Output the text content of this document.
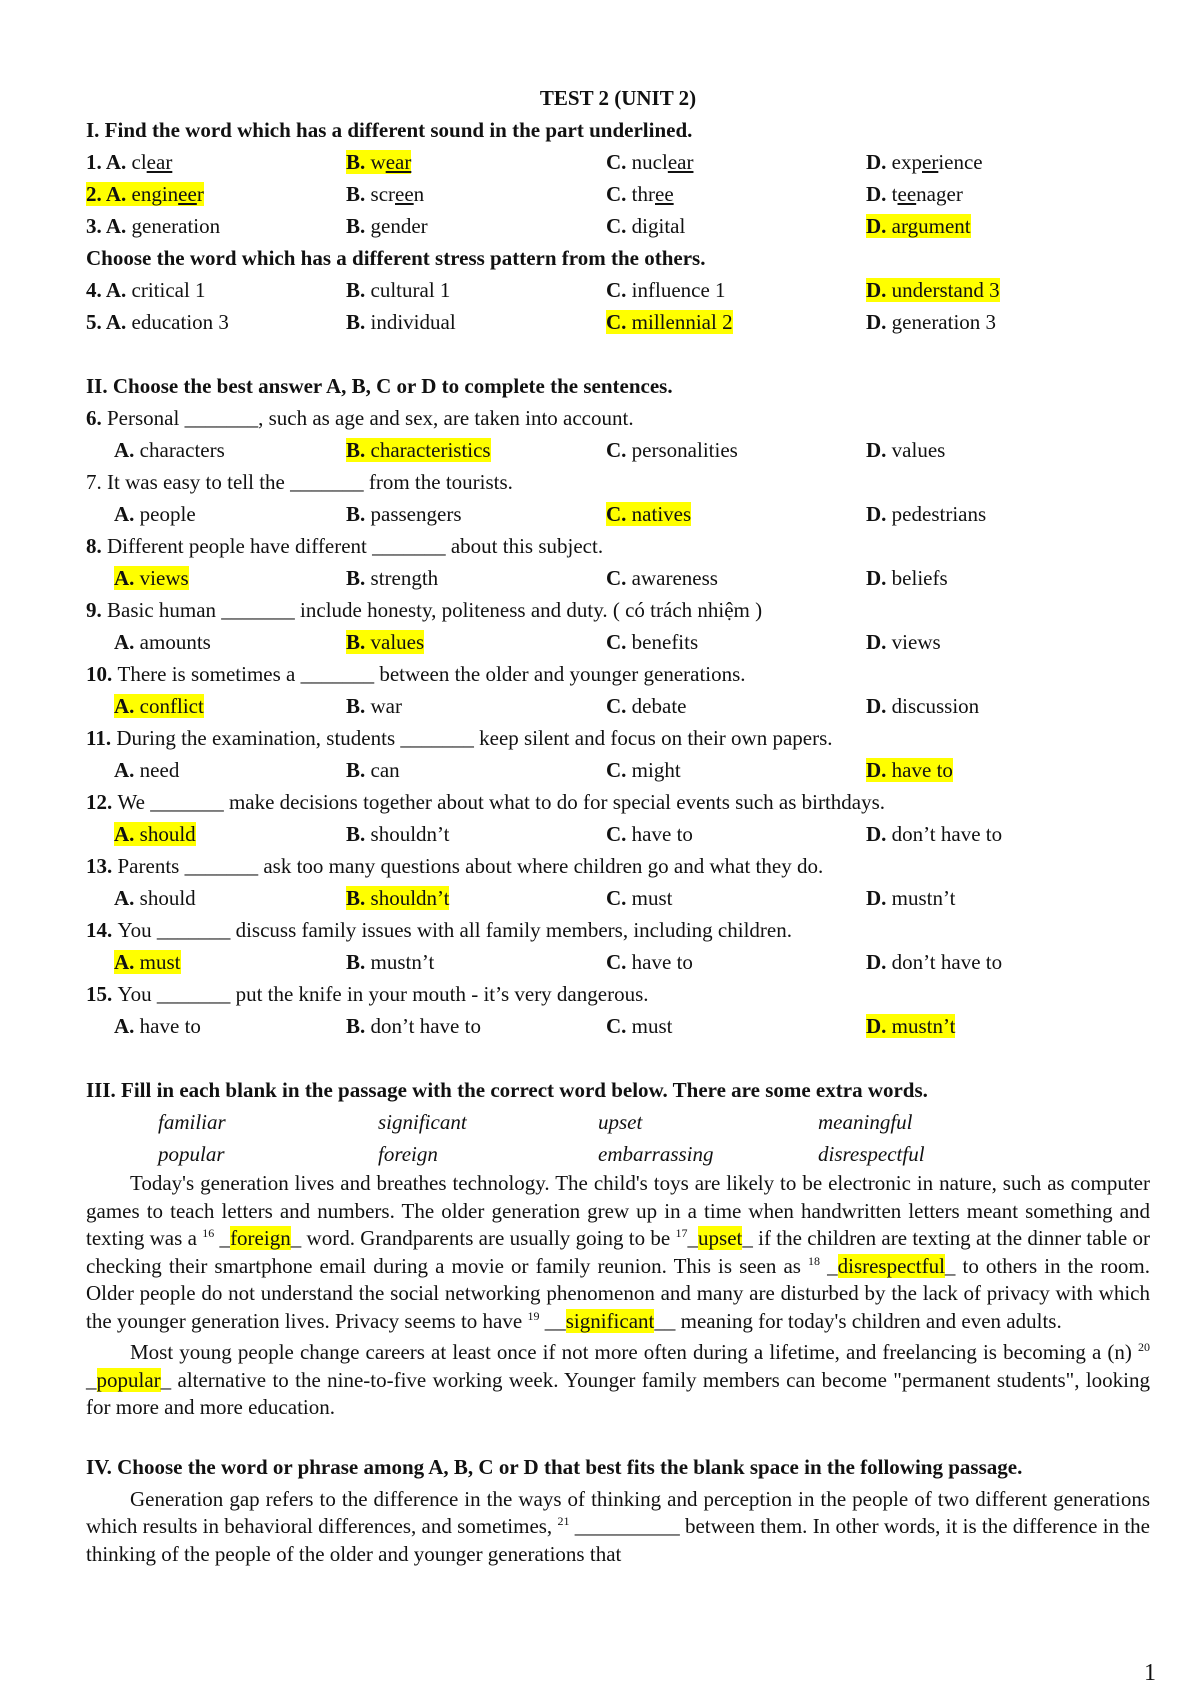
TEST 2 (UNIT 2)
I. Find the word which has a different sound in the part underlined.
1. A. clear	B. wear	C. nuclear	D. experience
2. A. engineer	B. screen	C. three	D. teenager
3. A. generation	B. gender	C. digital	D. argument
Choose the word which has a different stress pattern from the others.
4. A. critical 1	B. cultural 1	C. influence 1	D. understand 3
5. A. education 3	B. individual	C. millennial 2	D. generation 3
II. Choose the best answer A, B, C or D to complete the sentences.
6. Personal _______, such as age and sex, are taken into account.
A. characters	B. characteristics	C. personalities	D. values
7. It was easy to tell the _______ from the tourists.
A. people	B. passengers	C. natives	D. pedestrians
8. Different people have different _______ about this subject.
A. views	B. strength	C. awareness	D. beliefs
9. Basic human _______ include honesty, politeness and duty. ( có trách nhiệm )
A. amounts	B. values	C. benefits	D. views
10. There is sometimes a _______ between the older and younger generations.
A. conflict	B. war	C. debate	D. discussion
11. During the examination, students _______ keep silent and focus on their own papers.
A. need	B. can	C. might	D. have to
12. We _______ make decisions together about what to do for special events such as birthdays.
A. should	B. shouldn’t	C. have to	D. don’t have to
13. Parents _______ ask too many questions about where children go and what they do.
A. should	B. shouldn’t	C. must	D. mustn’t
14. You _______ discuss family issues with all family members, including children.
A. must	B. mustn’t	C. have to	D. don’t have to
15. You _______ put the knife in your mouth - it’s very dangerous.
A. have to	B. don’t have to	C. must	D. mustn’t
III. Fill in each blank in the passage with the correct word below. There are some extra words.
familiar	significant	upset	meaningful
popular	foreign	embarrassing	disrespectful

Today's generation lives and breathes technology. The child's toys are likely to be electronic in nature, such as computer games to teach letters and numbers. The older generation grew up in a time when handwritten letters meant something and texting was a $^{16}$ _foreign_ word. Grandparents are usually going to be $^{17}$_upset_ if the children are texting at the dinner table or checking their smartphone email during a movie or family reunion. This is seen as $^{18}$ _disrespectful_ to others in the room. Older people do not understand the social networking phenomenon and many are disturbed by the lack of privacy with which the younger generation lives. Privacy seems to have $^{19}$ __significant__ meaning for today's children and even adults.

Most young people change careers at least once if not more often during a lifetime, and freelancing is becoming a (n) $^{20}$ _popular_ alternative to the nine-to-five working week. Younger family members can become "permanent students", looking for more and more education.

IV. Choose the word or phrase among A, B, C or D that best fits the blank space in the following passage.

Generation gap refers to the difference in the ways of thinking and perception in the people of two different generations which results in behavioral differences, and sometimes, $^{21}$ __________ between them. In other words, it is the difference in the thinking of the people of the older and younger generations that

1
